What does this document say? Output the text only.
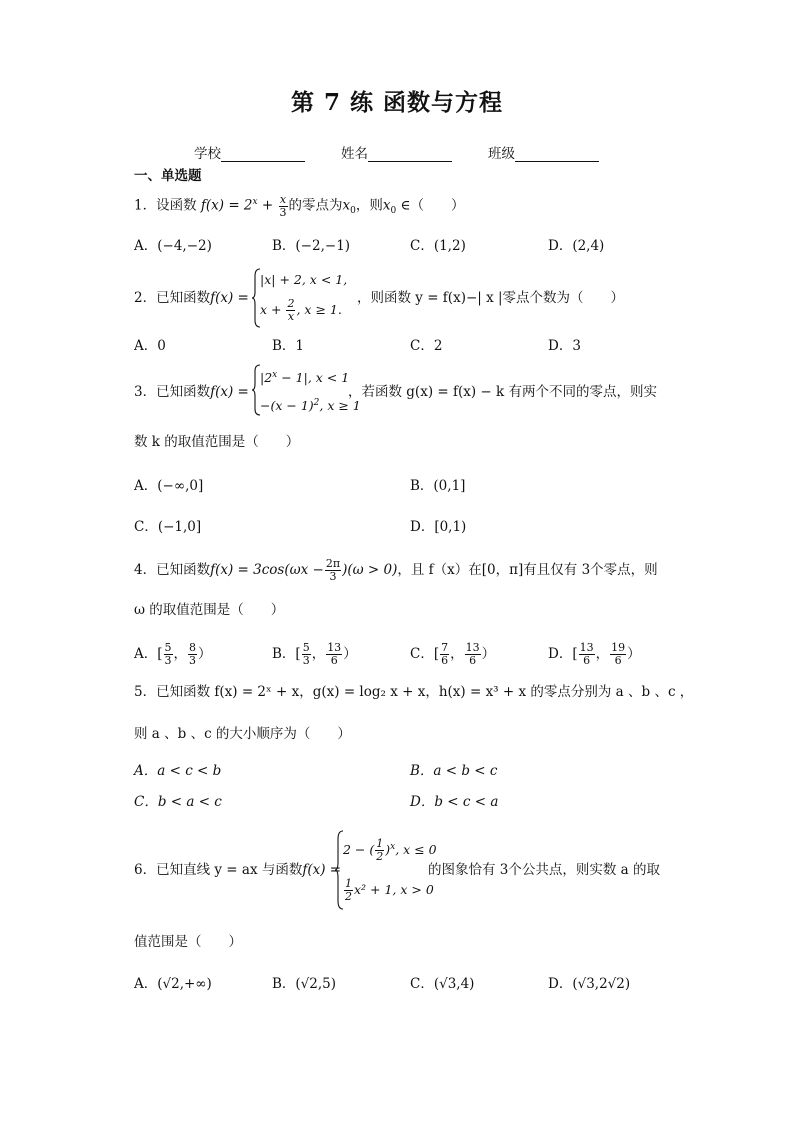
第 7 练 函数与方程
学校	姓名	班级
一、单选题
1．设函数 $f(x) = 2^x + \frac{x}{3}$ 的零点为$x_0$，则$x_0$ ∈（　　）
A．(−4,−2)	B．(−2,−1)	C．(1,2)	D．(2,4)
2．已知函数f(x) =
|x| + 2, x < 1,
$x + \frac{2}{x}$ , x ≥ 1.
，则函数 y = f(x)−| x |零点个数为（　　）
A．0	B．1	C．2	D．3
3．已知函数f(x) =
$|2^x - 1|$, x < 1
$-(x - 1)^2$, x ≥ 1
，若函数 g(x) = f(x) − k 有两个不同的零点，则实
数 k 的取值范围是（　　）
A．(−∞,0]	B．(0,1]
C．(−1,0]	D．[0,1)
4．已知函数$f(x) = 3\cos(\omega x - \frac{2\pi}{3} )(\omega > 0)$，且 f（x）在[0，π]有且仅有 3个零点，则
ω 的取值范围是（　　）
A．[ $\frac{5}{3}$ ， $\frac{8}{3}$ ）	B．[ $\frac{5}{3}$ ， $\frac{13}{6}$ ）	C．[ $\frac{7}{6}$ ， $\frac{13}{6}$ ）	D．[ $\frac{13}{6}$ ， $\frac{19}{6}$ ）
5．已知函数 f(x) = 2ˣ + x，g(x) = log₂ x + x，h(x) = x³ + x 的零点分别为 a 、b 、c ，
则 a 、b 、c 的大小顺序为（　　）
A．a < c < b	B．a < b < c
C．b < a < c	D．b < c < a
6．已知直线 y = ax 与函数f(x) =
2 − ( $\frac{1}{2} )^x$, x ≤ 0
$\frac{1}{2} x^2 + 1$, x > 0
的图象恰有 3个公共点，则实数 a 的取
值范围是（　　）
A．(√2,+∞)	B．(√2,5)	C．(√3,4)	D．(√3,2√2)
